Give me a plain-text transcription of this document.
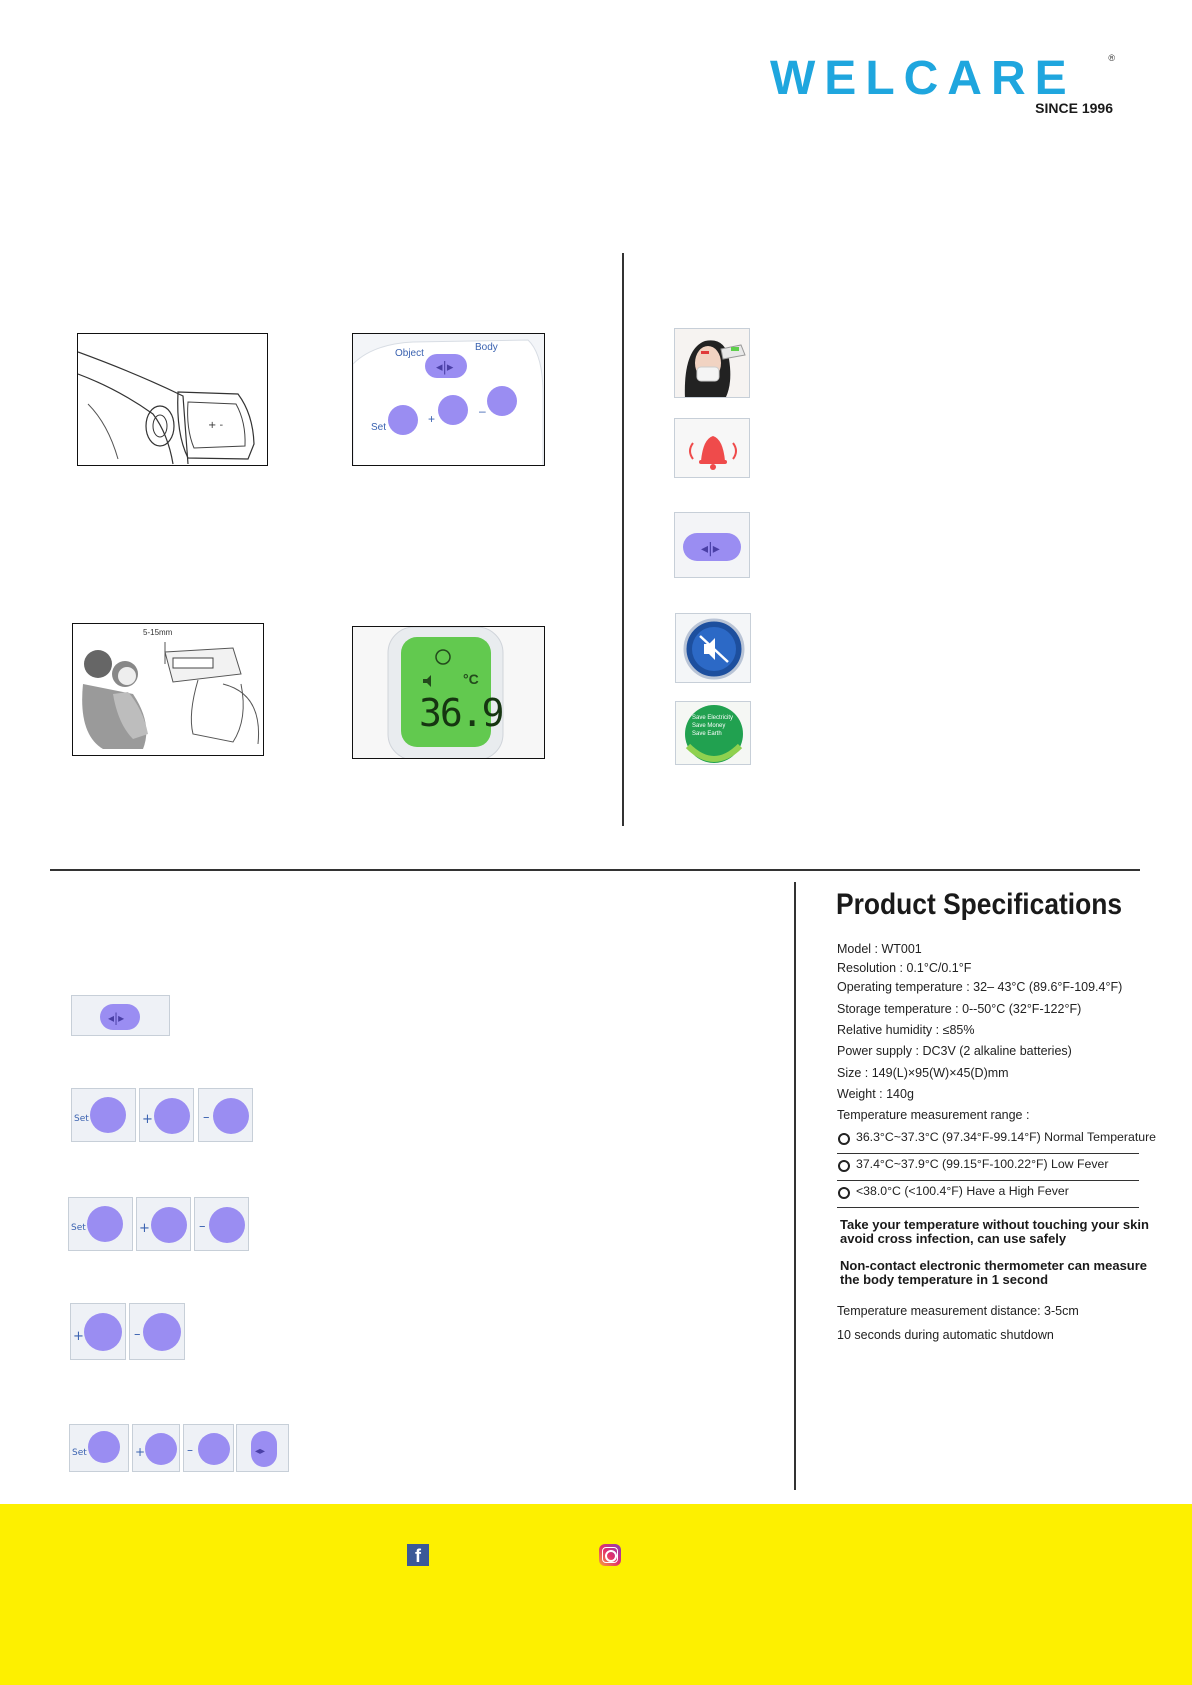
WELCARE	®
SINCE 1996
+ -
◂|▸
Object
Body
Set
+
–
5-15mm
°C
36.9
◂|▸
Save Electricity
Save Money
Save Earth
◂|▸
Set	+	–
Set	+	–
+	–
Set	+	–	◂▸
Product Specifications
Model : WT001
Resolution : 0.1°C/0.1°F
Operating temperature : 32– 43°C (89.6°F-109.4°F)
Storage temperature : 0--50°C (32°F-122°F)
Relative humidity : ≤85%
Power supply : DC3V (2 alkaline batteries)
Size : 149(L)×95(W)×45(D)mm
Weight : 140g
Temperature measurement range :
36.3°C~37.3°C (97.34°F-99.14°F) Normal Temperature
37.4°C~37.9°C (99.15°F-100.22°F) Low Fever
<38.0°C (<100.4°F) Have a High Fever
Take your temperature without touching your skin avoid cross infection, can use safely
Non-contact electronic thermometer can measure the body temperature in 1 second
Temperature measurement distance: 3-5cm
10 seconds during automatic shutdown
f
